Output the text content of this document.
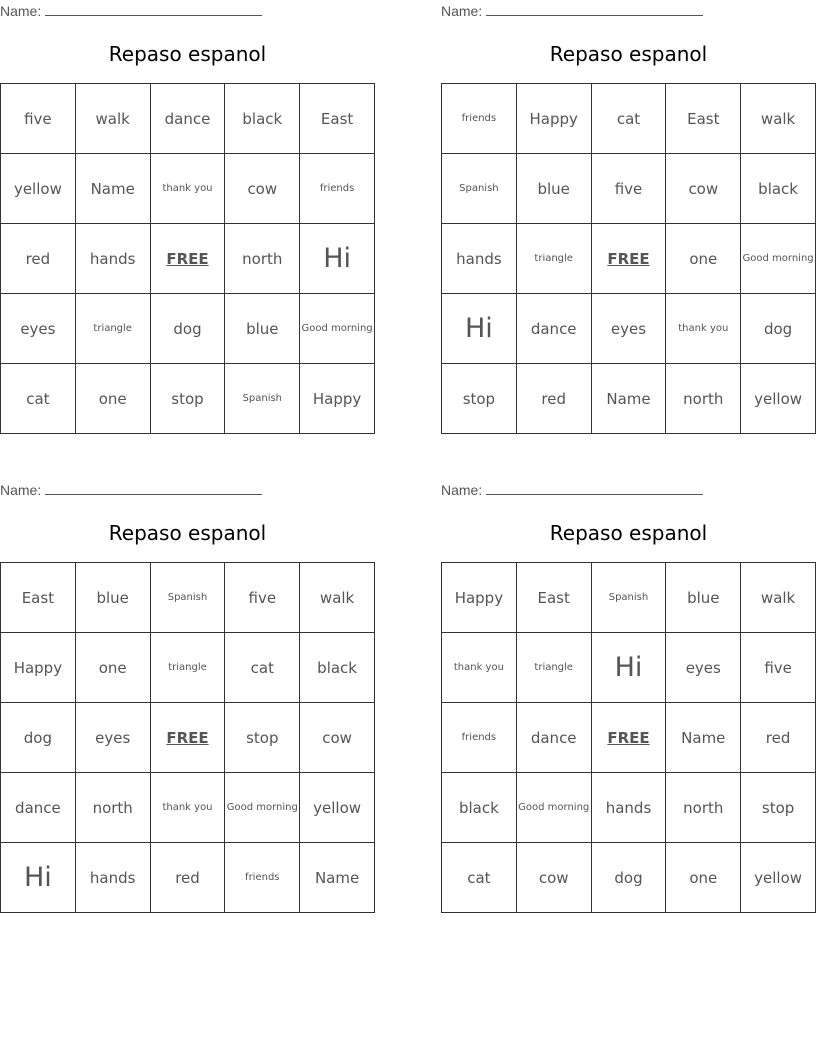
Name:
Repaso espanol
five	walk	dance	black	East
yellow	Name	thank you	cow	friends
red	hands	FREE	north	Hi
eyes	triangle	dog	blue	Good morning
cat	one	stop	Spanish	Happy
Name:
Repaso espanol
friends	Happy	cat	East	walk
Spanish	blue	five	cow	black
hands	triangle	FREE	one	Good morning
Hi	dance	eyes	thank you	dog
stop	red	Name	north	yellow
Name:
Repaso espanol
East	blue	Spanish	five	walk
Happy	one	triangle	cat	black
dog	eyes	FREE	stop	cow
dance	north	thank you	Good morning	yellow
Hi	hands	red	friends	Name
Name:
Repaso espanol
Happy	East	Spanish	blue	walk
thank you	triangle	Hi	eyes	five
friends	dance	FREE	Name	red
black	Good morning	hands	north	stop
cat	cow	dog	one	yellow
